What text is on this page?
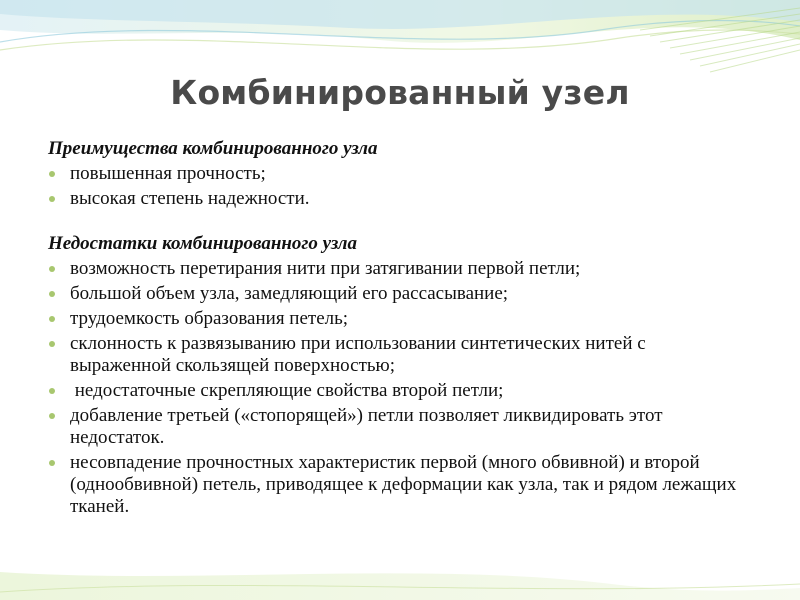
Комбинированный узел
Преимущества комбинированного узла
повышенная прочность;
высокая степень надежности.
Недостатки комбинированного узла
возможность перетирания нити при затягивании первой петли;
большой объем узла, замедляющий его рассасывание;
трудоемкость образования петель;
склонность к развязыванию при использовании синтетических нитей с выраженной скользящей поверхностью;
недостаточные скрепляющие свойства второй петли;
добавление третьей («стопорящей») петли позволяет ликвидировать этот недостаток.
несовпадение прочностных характеристик первой (много обвивной) и второй (однообвивной) петель, приводящее к деформации как узла, так и рядом лежащих тканей.
